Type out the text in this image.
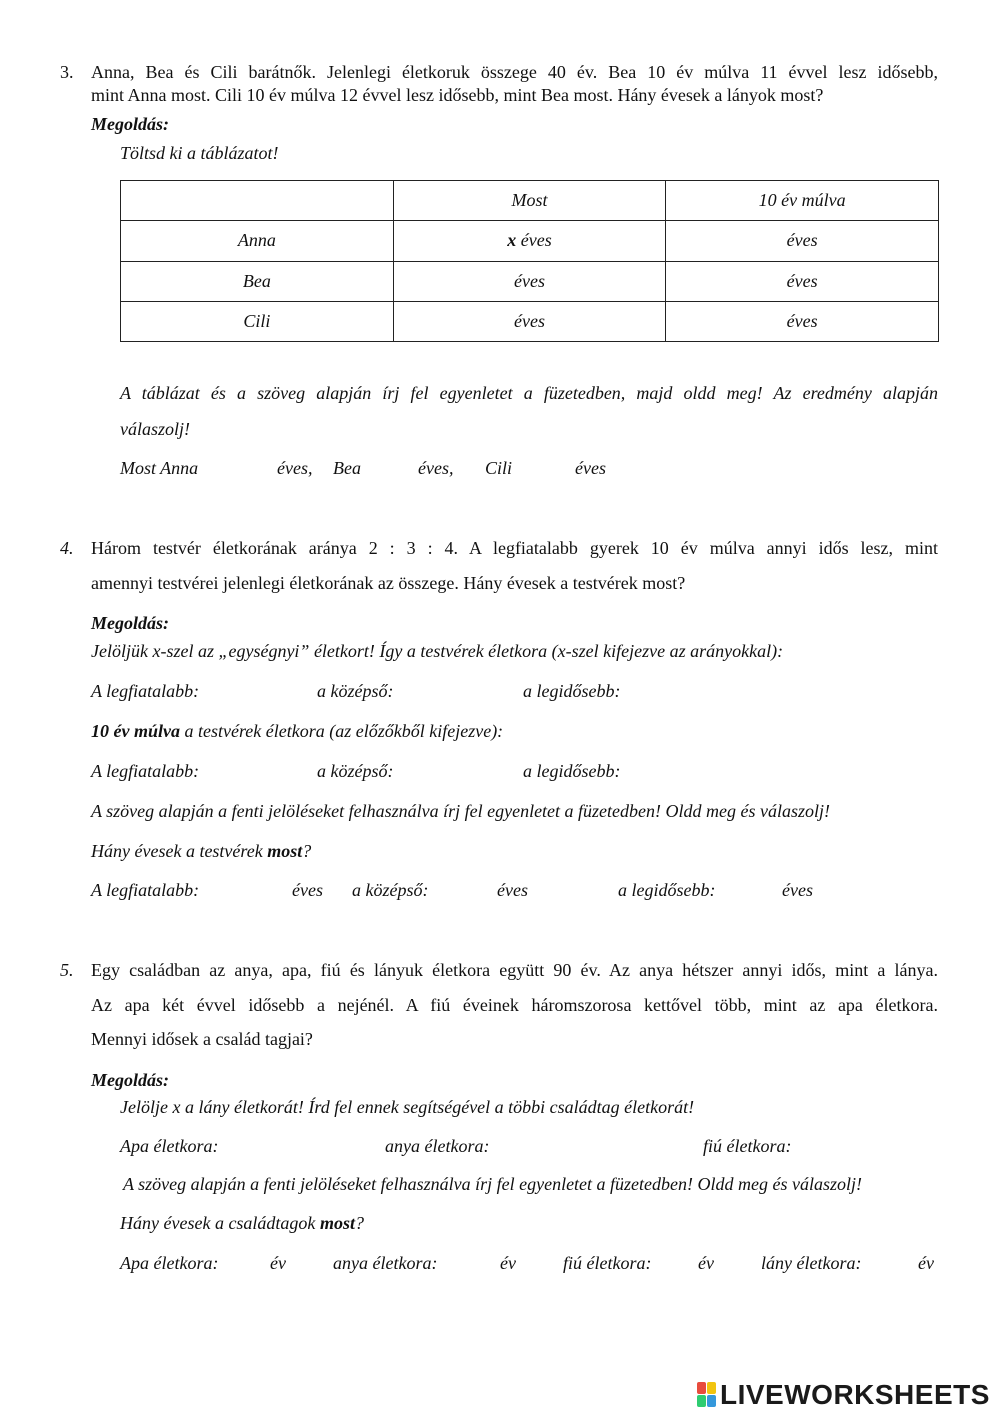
3. Anna, Bea és Cili barátnők. Jelenlegi életkoruk összege 40 év. Bea 10 év múlva 11 évvel lesz idősebb,
mint Anna most. Cili 10 év múlva 12 évvel lesz idősebb, mint Bea most. Hány évesek a lányok most?
Megoldás:
Töltsd ki a táblázatot!
	Most	10 év múlva
Anna	x éves	éves
Bea	éves	éves
Cili	éves	éves
A táblázat és a szöveg alapján írj fel egyenletet a füzetedben, majd oldd meg! Az eredmény alapján
válaszolj!
Most Anna	éves, Bea	éves, Cili	éves
4. Három testvér életkorának aránya 2 : 3 : 4. A legfiatalabb gyerek 10 év múlva annyi idős lesz, mint
amennyi testvérei jelenlegi életkorának az összege. Hány évesek a testvérek most?
Megoldás:
Jelöljük x-szel az „egységnyi” életkort! Így a testvérek életkora (x-szel kifejezve az arányokkal):
A legfiatalabb:	a középső:	a legidősebb:
10 év múlva a testvérek életkora (az előzőkből kifejezve):
A legfiatalabb:	a középső:	a legidősebb:
A szöveg alapján a fenti jelöléseket felhasználva írj fel egyenletet a füzetedben! Oldd meg és válaszolj!
Hány évesek a testvérek most?
A legfiatalabb:	éves a középső:	éves	a legidősebb:	éves
5. Egy családban az anya, apa, fiú és lányuk életkora együtt 90 év. Az anya hétszer annyi idős, mint a lánya.
Az apa két évvel idősebb a nejénél. A fiú éveinek háromszorosa kettővel több, mint az apa életkora.
Mennyi idősek a család tagjai?
Megoldás:
Jelölje x a lány életkorát! Írd fel ennek segítségével a többi családtag életkorát!
Apa életkora:	anya életkora:	fiú életkora:
A szöveg alapján a fenti jelöléseket felhasználva írj fel egyenletet a füzetedben! Oldd meg és válaszolj!
Hány évesek a családtagok most?
Apa életkora:	év	anya életkora:	év	fiú életkora:	év	lány életkora:	év
LIVEWORKSHEETS
